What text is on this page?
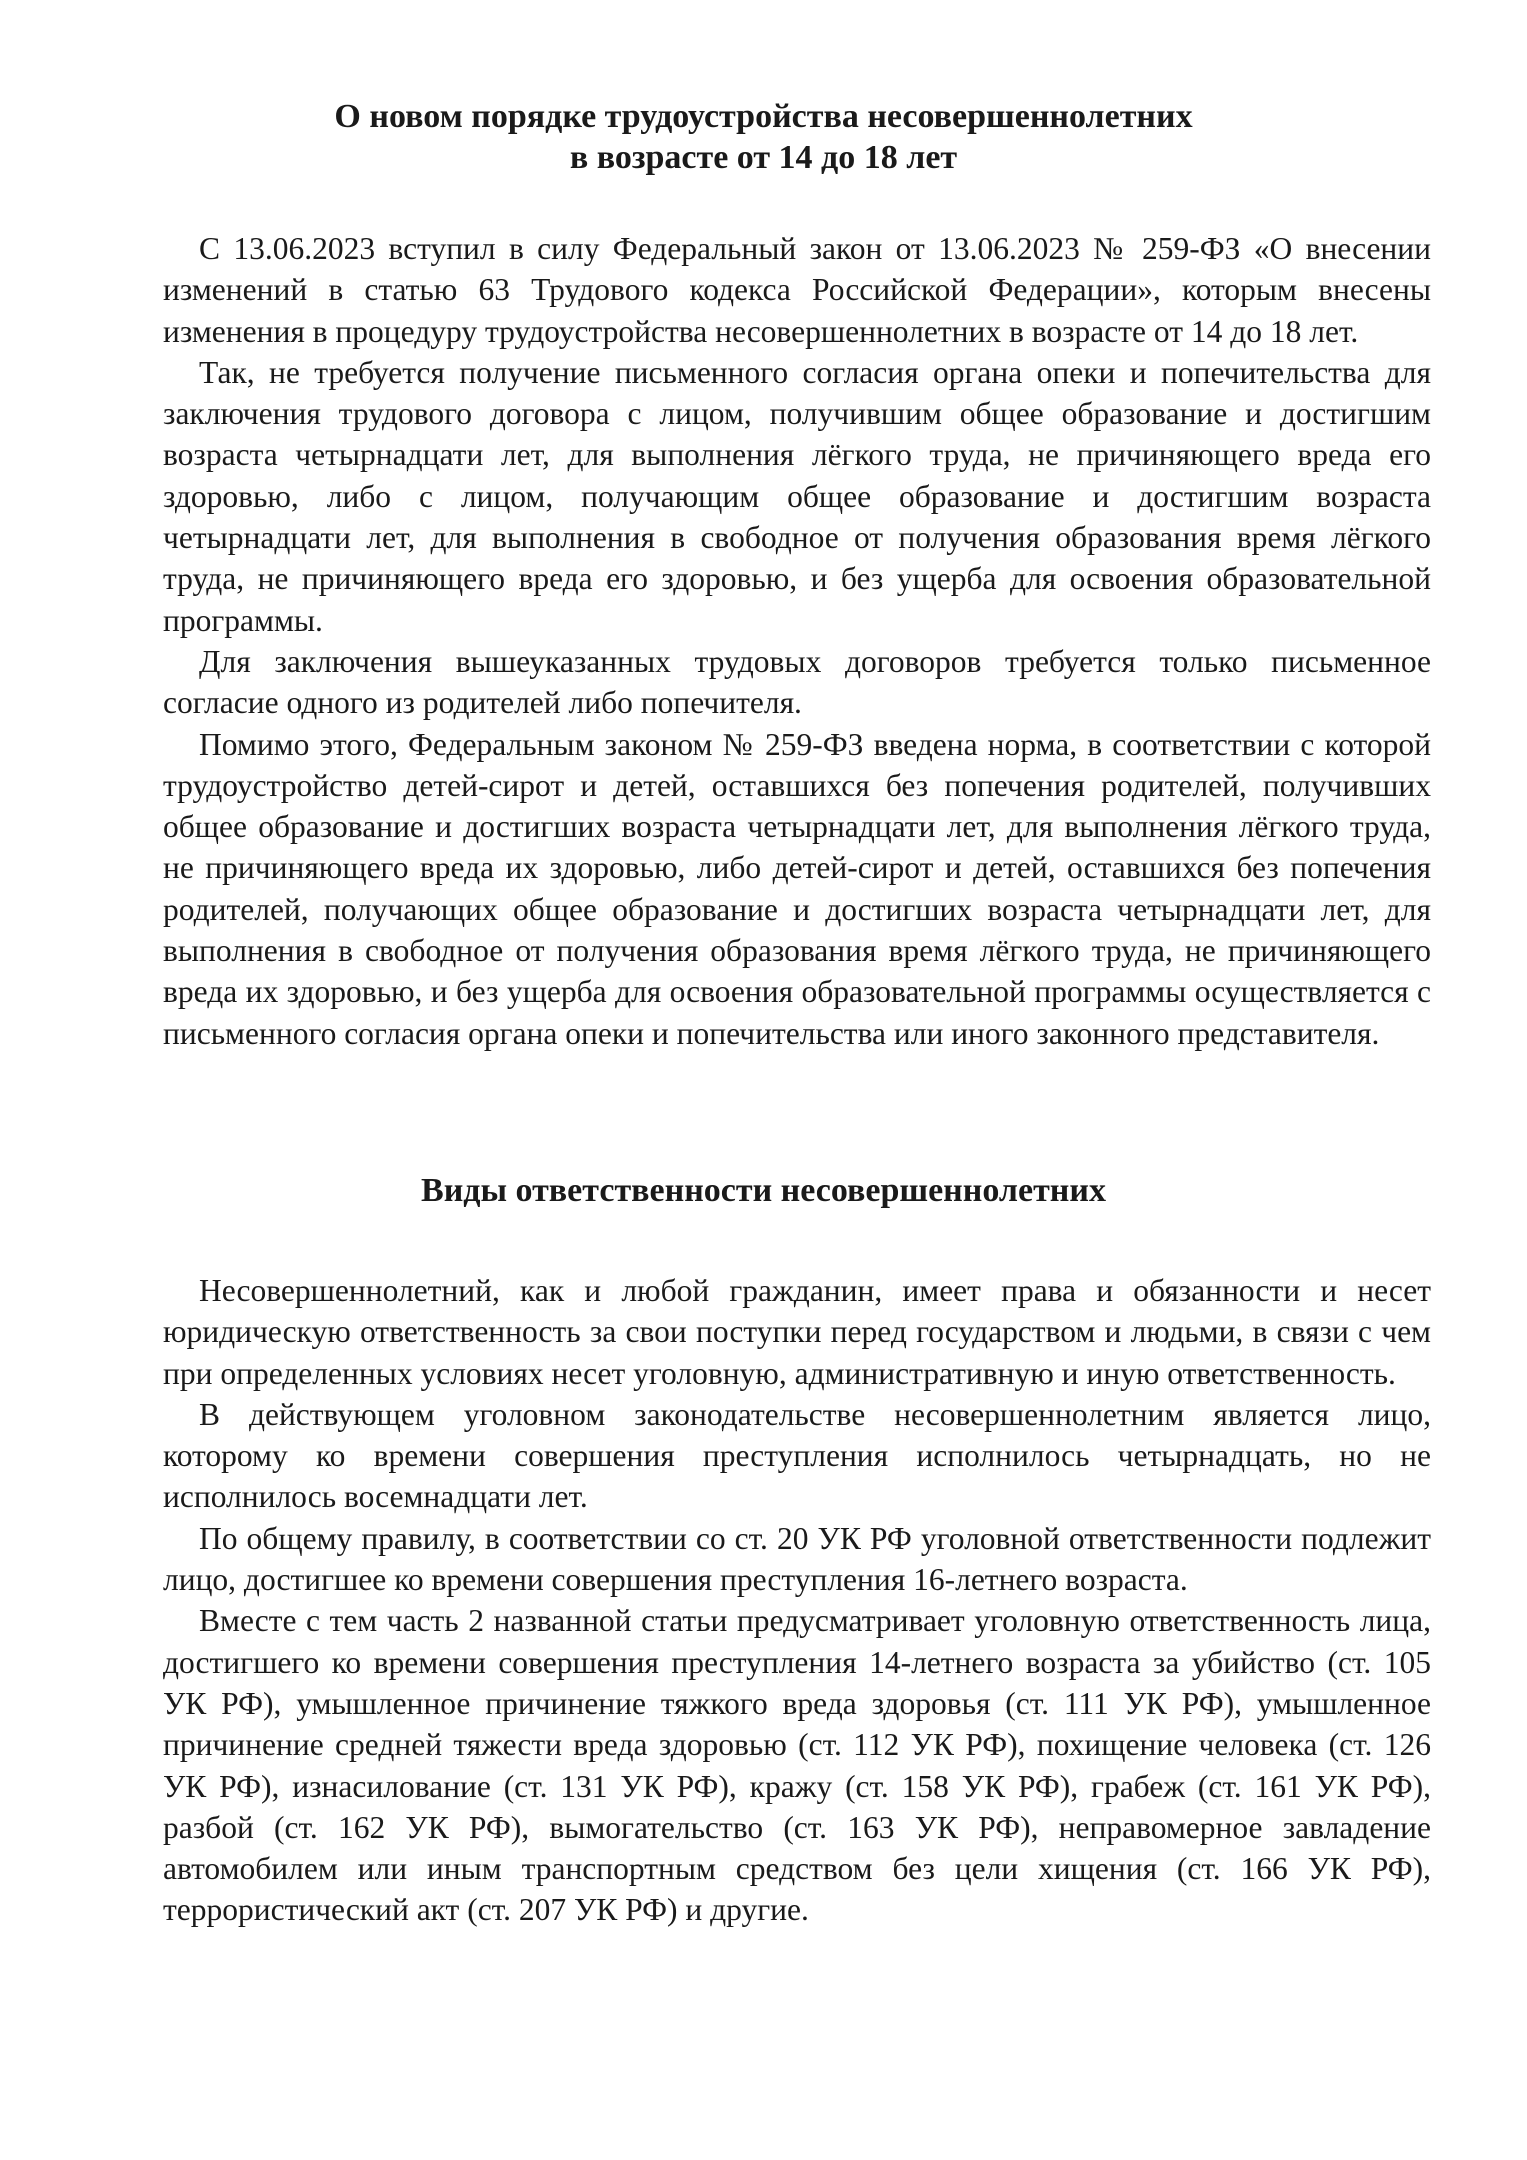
О новом порядке трудоустройства несовершеннолетних
в возрасте от 14 до 18 лет

С 13.06.2023 вступил в силу Федеральный закон от 13.06.2023 № 259-ФЗ «О внесении изменений в статью 63 Трудового кодекса Российской Федерации», которым внесены изменения в процедуру трудоустройства несовершеннолетних в возрасте от 14 до 18 лет.

Так, не требуется получение письменного согласия органа опеки и попечительства для заключения трудового договора с лицом, получившим общее образование и достигшим возраста четырнадцати лет, для выполнения лёгкого труда, не причиняющего вреда его здоровью, либо с лицом, получающим общее образование и достигшим возраста четырнадцати лет, для выполнения в свободное от получения образования время лёгкого труда, не причиняющего вреда его здоровью, и без ущерба для освоения образовательной программы.

Для заключения вышеуказанных трудовых договоров требуется только письменное согласие одного из родителей либо попечителя.

Помимо этого, Федеральным законом № 259-ФЗ введена норма, в соответствии с которой трудоустройство детей-сирот и детей, оставшихся без попечения родителей, получивших общее образование и достигших возраста четырнадцати лет, для выполнения лёгкого труда, не причиняющего вреда их здоровью, либо детей-сирот и детей, оставшихся без попечения родителей, получающих общее образование и достигших возраста четырнадцати лет, для выполнения в свободное от получения образования время лёгкого труда, не причиняющего вреда их здоровью, и без ущерба для освоения образовательной программы осуществляется с письменного согласия органа опеки и попечительства или иного законного представителя.

Виды ответственности несовершеннолетних

Несовершеннолетний, как и любой гражданин, имеет права и обязанности и несет юридическую ответственность за свои поступки перед государством и людьми, в связи с чем при определенных условиях несет уголовную, административную и иную ответственность.

В действующем уголовном законодательстве несовершеннолетним является лицо, которому ко времени совершения преступления исполнилось четырнадцать, но не исполнилось восемнадцати лет.

По общему правилу, в соответствии со ст. 20 УК РФ уголовной ответственности подлежит лицо, достигшее ко времени совершения преступления 16-летнего возраста.

Вместе с тем часть 2 названной статьи предусматривает уголовную ответственность лица, достигшего ко времени совершения преступления 14-летнего возраста за убийство (ст. 105 УК РФ), умышленное причинение тяжкого вреда здоровья (ст. 111 УК РФ), умышленное причинение средней тяжести вреда здоровью (ст. 112 УК РФ), похищение человека (ст. 126 УК РФ), изнасилование (ст. 131 УК РФ), кражу (ст. 158 УК РФ), грабеж (ст. 161 УК РФ), разбой (ст. 162 УК РФ), вымогательство (ст. 163 УК РФ), неправомерное завладение автомобилем или иным транспортным средством без цели хищения (ст. 166 УК РФ), террористический акт (ст. 207 УК РФ) и другие.
